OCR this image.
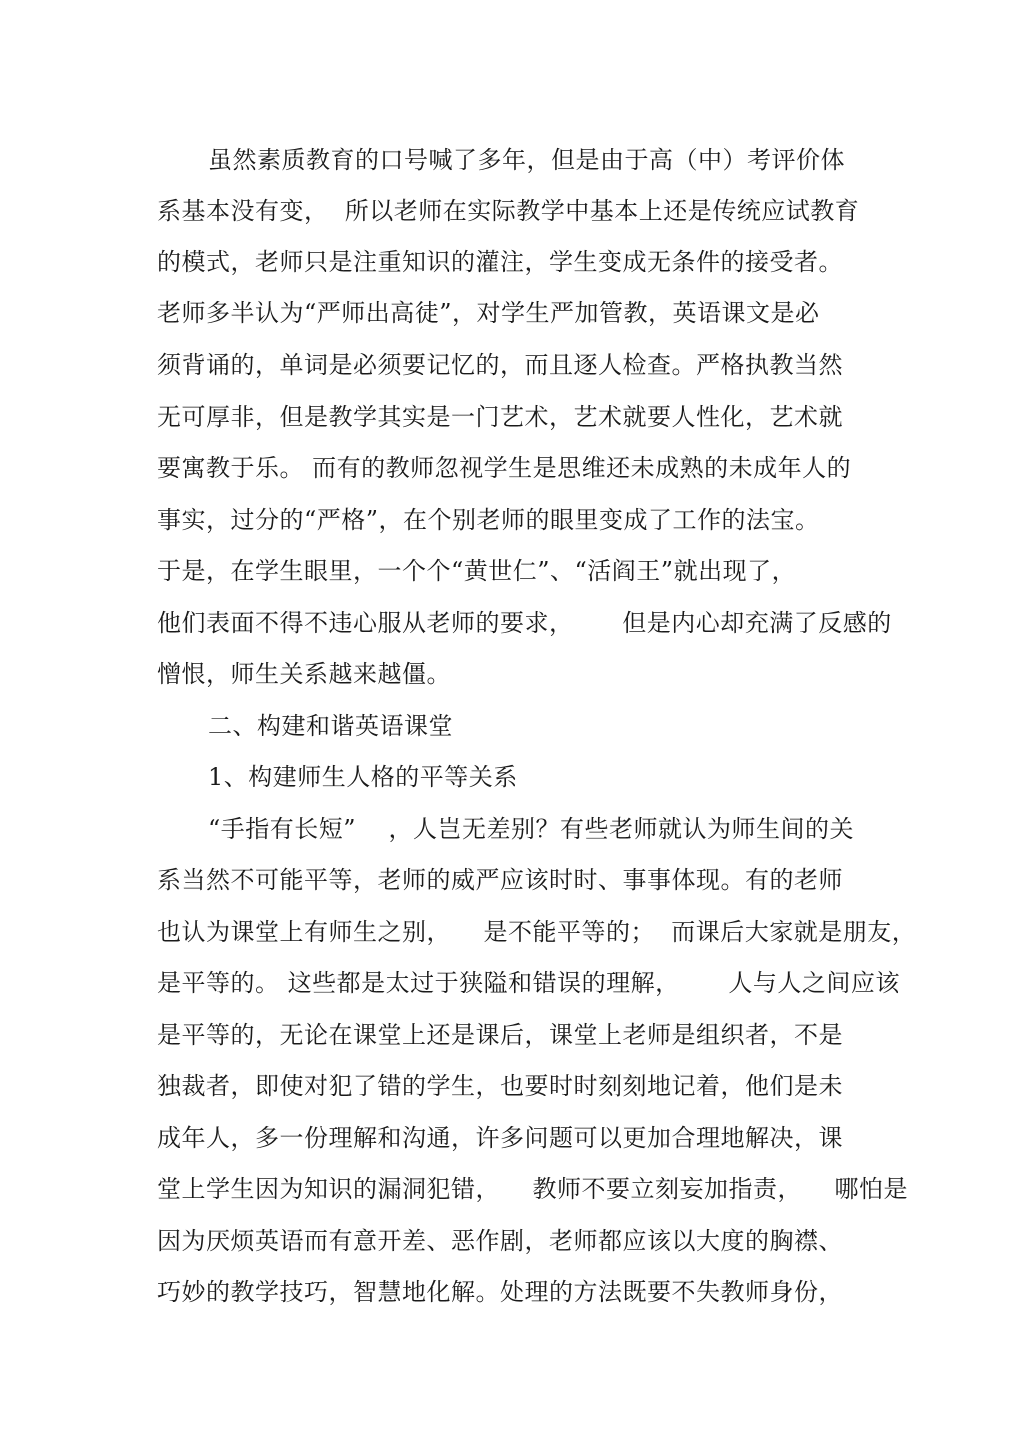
虽然素质教育的口号喊了多年，但是由于高（中）考评价体
系基本没有变，  所以老师在实际教学中基本上还是传统应试教育
的模式，老师只是注重知识的灌注，学生变成无条件的接受者。
老师多半认为“严师出高徒”，对学生严加管教，英语课文是必
须背诵的，单词是必须要记忆的，而且逐人检查。严格执教当然
无可厚非，但是教学其实是一门艺术，艺术就要人性化，艺术就
要寓教于乐。 而有的教师忽视学生是思维还未成熟的未成年人的
事实，过分的“严格”，在个别老师的眼里变成了工作的法宝。
于是，在学生眼里，一个个“黄世仁”、“活阎王”就出现了，
他们表面不得不违心服从老师的要求，      但是内心却充满了反感的
憎恨，师生关系越来越僵。
二、构建和谐英语课堂
1、构建师生人格的平等关系
“手指有长短”    ，人岂无差别？有些老师就认为师生间的关
系当然不可能平等，老师的威严应该时时、事事体现。有的老师
也认为课堂上有师生之别，    是不能平等的；  而课后大家就是朋友，
是平等的。 这些都是太过于狭隘和错误的理解，      人与人之间应该
是平等的，无论在课堂上还是课后，课堂上老师是组织者，不是
独裁者，即使对犯了错的学生，也要时时刻刻地记着，他们是未
成年人，多一份理解和沟通，许多问题可以更加合理地解决，课
堂上学生因为知识的漏洞犯错，    教师不要立刻妄加指责，    哪怕是
因为厌烦英语而有意开差、恶作剧，老师都应该以大度的胸襟、
巧妙的教学技巧，智慧地化解。处理的方法既要不失教师身份，
